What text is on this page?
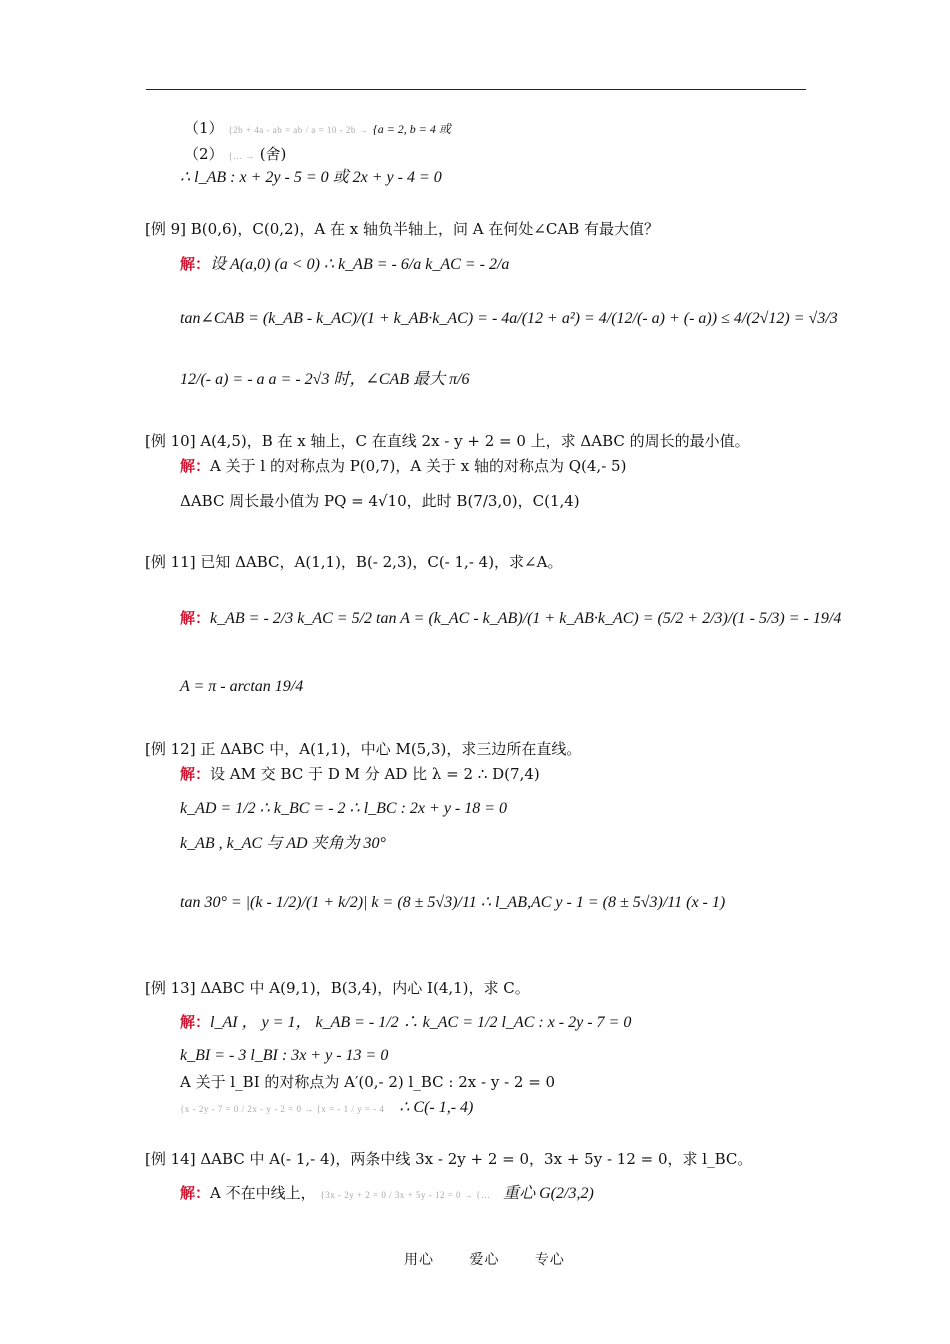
（1） {2b + 4a - ab = ab / a = 10 - 2b → {a = 2, b = 4 或
（2） {… → (舍)
∴ l_AB : x + 2y - 5 = 0 或 2x + y - 4 = 0
[例 9] B(0,6)，C(0,2)，A 在 x 轴负半轴上，问 A 在何处∠CAB 有最大值？
解：设 A(a,0) (a < 0) ∴ k_AB = - 6/a k_AC = - 2/a
tan∠CAB = (k_AB - k_AC)/(1 + k_AB·k_AC) = - 4a/(12 + a²) = 4/(12/(- a) + (- a)) ≤ 4/(2√12) = √3/3
12/(- a) = - a a = - 2√3 时，∠CAB 最大 π/6
[例 10] A(4,5)，B 在 x 轴上，C 在直线 2x - y + 2 = 0 上，求 ΔABC 的周长的最小值。
解：A 关于 l 的对称点为 P(0,7)，A 关于 x 轴的对称点为 Q(4,- 5)
ΔABC 周长最小值为 PQ = 4√10，此时 B(7/3,0)，C(1,4)
[例 11] 已知 ΔABC，A(1,1)，B(- 2,3)，C(- 1,- 4)，求∠A。
解：k_AB = - 2/3 k_AC = 5/2 tan A = (k_AC - k_AB)/(1 + k_AB·k_AC) = (5/2 + 2/3)/(1 - 5/3) = - 19/4
A = π - arctan 19/4
[例 12] 正 ΔABC 中，A(1,1)，中心 M(5,3)，求三边所在直线。
解：设 AM 交 BC 于 D M 分 AD 比 λ = 2 ∴ D(7,4)
k_AD = 1/2 ∴ k_BC = - 2 ∴ l_BC : 2x + y - 18 = 0
k_AB , k_AC 与 AD 夹角为 30°
tan 30° = |(k - 1/2)/(1 + k/2)| k = (8 ± 5√3)/11 ∴ l_AB,AC y - 1 = (8 ± 5√3)/11 (x - 1)
[例 13] ΔABC 中 A(9,1)，B(3,4)，内心 I(4,1)，求 C。
解：l_AI ， y = 1， k_AB = - 1/2 ∴ k_AC = 1/2 l_AC : x - 2y - 7 = 0
k_BI = - 3 l_BI : 3x + y - 13 = 0
A 关于 l_BI 的对称点为 A′(0,- 2) l_BC : 2x - y - 2 = 0
{x - 2y - 7 = 0 / 2x - y - 2 = 0 → {x = - 1 / y = - 4 ∴ C(- 1,- 4)
[例 14] ΔABC 中 A(- 1,- 4)，两条中线 3x - 2y + 2 = 0，3x + 5y - 12 = 0，求 l_BC。
解：A 不在中线上， {3x - 2y + 2 = 0 / 3x + 5y - 12 = 0 → {… 重心 G(2/3,2)
用心	爱心	专心
